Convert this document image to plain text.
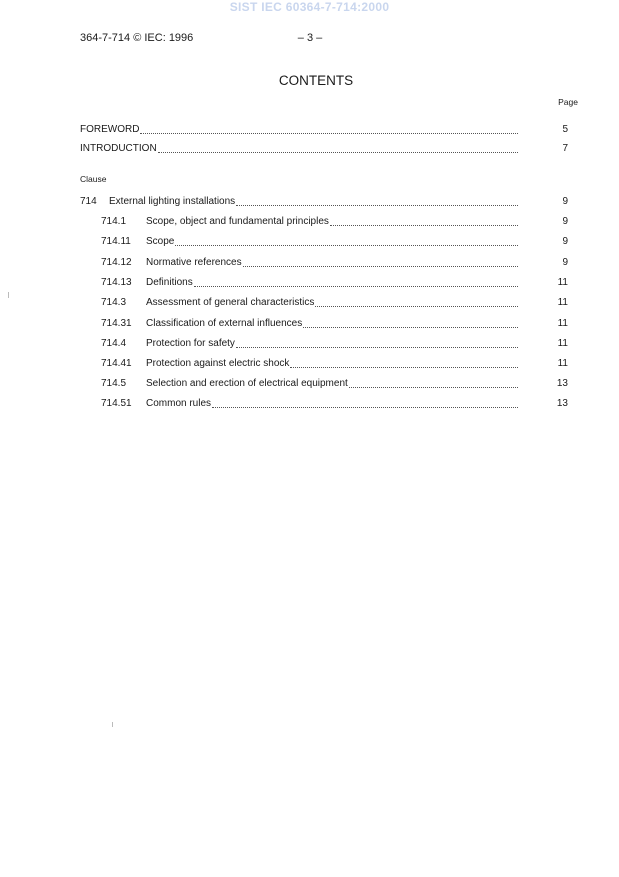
SIST IEC 60364-7-714:2000
364-7-714 © IEC: 1996	– 3 –
CONTENTS
Page
FOREWORD	5
INTRODUCTION	7
Clause
714	External lighting installations	9
714.1	Scope, object and fundamental principles	9
714.11	Scope	9
714.12	Normative references	9
714.13	Definitions	11
714.3	Assessment of general characteristics	11
714.31	Classification of external influences	11
714.4	Protection for safety	11
714.41	Protection against electric shock	11
714.5	Selection and erection of electrical equipment	13
714.51	Common rules	13
